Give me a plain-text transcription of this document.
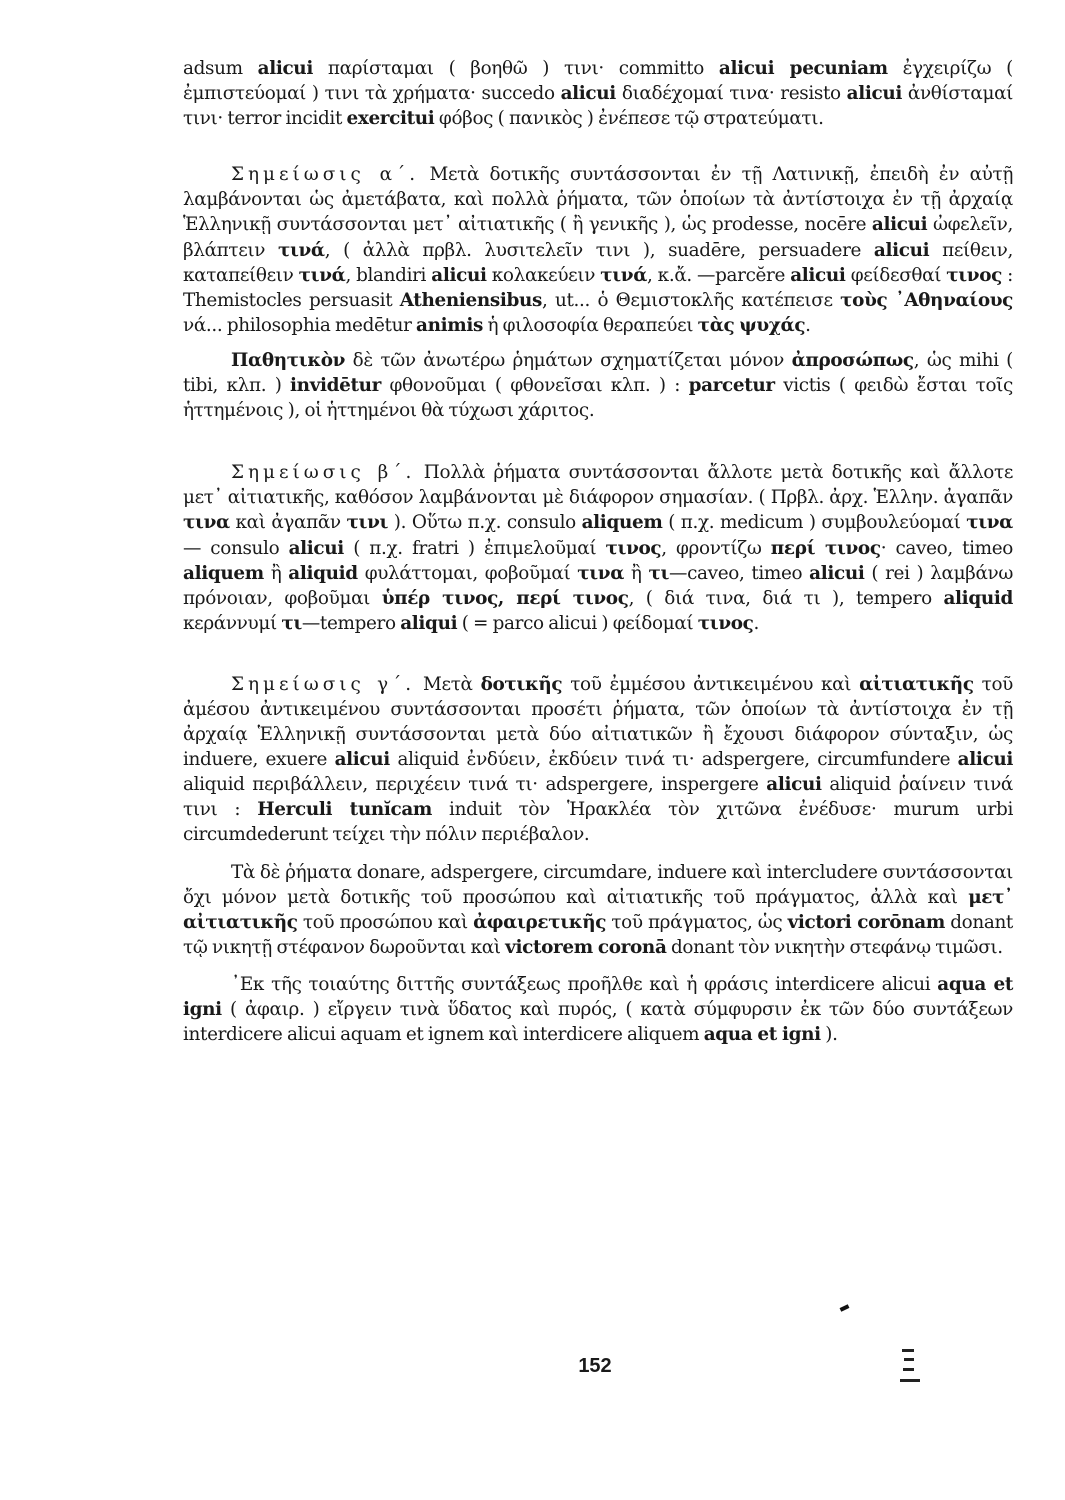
adsum alicui παρίσταμαι ( βοηθῶ ) τινι· committo alicui pecuniam ἐγχειρίζω ( ἐμπιστεύομαί ) τινι τὰ χρήματα· succedo alicui διαδέχομαί τινα· resisto alicui ἀνθίσταμαί τινι· terror incidit exercitui φόβος ( πανικὸς ) ἐνέπεσε τῷ στρατεύματι.

Σημείωσις α΄. Μετὰ δοτικῆς συντάσσονται ἐν τῇ Λατινικῇ, ἐπειδὴ ἐν αὐτῇ λαμβάνονται ὡς ἀμετάβατα, καὶ πολλὰ ῥήματα, τῶν ὁποίων τὰ ἀντίστοιχα ἐν τῇ ἀρχαίᾳ Ἑλληνικῇ συντάσσονται μετ᾽ αἰτιατικῆς ( ἢ γενικῆς ), ὡς prodesse, nocēre alicui ὠφελεῖν, βλάπτειν τινά, ( ἀλλὰ πρβλ. λυσιτελεῖν τινι ), suadēre, persuadere alicui πείθειν, καταπείθειν τινά, blandiri alicui κολακεύειν τινά, κ.ἄ. —parcĕre alicui φείδεσθαί τινος : Themistocles persuasit Atheniensibus, ut... ὁ Θεμιστοκλῆς κατέπεισε τοὺς ᾽Αθηναίους νά... philosophia medētur animis ἡ φιλοσοφία θεραπεύει τὰς ψυχάς.

Παθητικὸν δὲ τῶν ἀνωτέρω ῥημάτων σχηματίζεται μόνον ἀπροσώπως, ὡς mihi ( tibi, κλπ. ) invidētur φθονοῦμαι ( φθονεῖσαι κλπ. ) : parcetur victis ( φειδὼ ἔσται τοῖς ἡττημένοις ), οἱ ἡττημένοι θὰ τύχωσι χάριτος.

Σημείωσις β΄. Πολλὰ ῥήματα συντάσσονται ἄλλοτε μετὰ δοτικῆς καὶ ἄλλοτε μετ᾽ αἰτιατικῆς, καθόσον λαμβάνονται μὲ διάφορον σημασίαν. ( Πρβλ. ἀρχ. Ἑλλην. ἀγαπᾶν τινα καὶ ἀγαπᾶν τινι ). Οὕτω π.χ. consulo aliquem ( π.χ. medicum ) συμβουλεύομαί τινα — consulo alicui ( π.χ. fratri ) ἐπιμελοῦμαί τινος, φροντίζω περί τινος· caveo, timeo aliquem ἢ aliquid φυλάττομαι, φοβοῦμαί τινα ἢ τι—caveo, timeo alicui ( rei ) λαμβάνω πρόνοιαν, φοβοῦμαι ὑπέρ τινος, περί τινος, ( διά τινα, διά τι ), tempero aliquid κεράννυμί τι—tempero aliqui ( = parco alicui ) φείδομαί τινος.

Σημείωσις γ΄. Μετὰ δοτικῆς τοῦ ἐμμέσου ἀντικειμένου καὶ αἰτιατικῆς τοῦ ἀμέσου ἀντικειμένου συντάσσονται προσέτι ῥήματα, τῶν ὁποίων τὰ ἀντίστοιχα ἐν τῇ ἀρχαίᾳ Ἑλληνικῇ συντάσσονται μετὰ δύο αἰτιατικῶν ἢ ἔχουσι διάφορον σύνταξιν, ὡς induere, exuere alicui aliquid ἐνδύειν, ἐκδύειν τινά τι· adspergere, circumfundere alicui aliquid περιβάλλειν, περιχέειν τινά τι· adspergere, inspergere alicui aliquid ῥαίνειν τινά τινι : Herculi tunĭcam induit τὸν Ἡρακλέα τὸν χιτῶνα ἐνέδυσε· murum urbi circumdederunt τείχει τὴν πόλιν περιέβαλον.

Τὰ δὲ ῥήματα donare, adspergere, circumdare, induere καὶ intercludere συντάσσονται ὄχι μόνον μετὰ δοτικῆς τοῦ προσώπου καὶ αἰτιατικῆς τοῦ πράγματος, ἀλλὰ καὶ μετ᾽ αἰτιατικῆς τοῦ προσώπου καὶ ἀφαιρετικῆς τοῦ πράγματος, ὡς victori corōnam donant τῷ νικητῇ στέφανον δωροῦνται καὶ victorem coronā donant τὸν νικητὴν στεφάνῳ τιμῶσι.

᾽Εκ τῆς τοιαύτης διττῆς συντάξεως προῆλθε καὶ ἡ φράσις interdicere alicui aqua et igni ( ἀφαιρ. ) εἴργειν τινὰ ὕδατος καὶ πυρός, ( κατὰ σύμφυρσιν ἐκ τῶν δύο συντάξεων interdicere alicui aquam et ignem καὶ interdicere aliquem aqua et igni ).

152
